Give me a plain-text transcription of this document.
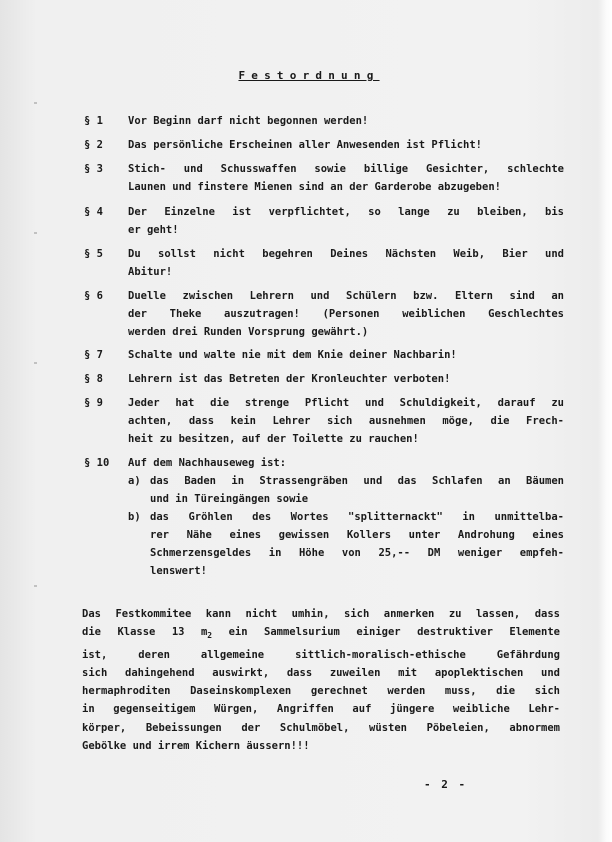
Festordnung
§ 1	Vor Beginn darf nicht begonnen werden!
§ 2	Das persönliche Erscheinen aller Anwesenden ist Pflicht!
§ 3	Stich- und Schusswaffen sowie billige Gesichter, schlechte
Launen und finstere Mienen sind an der Garderobe abzugeben!
§ 4	Der Einzelne ist verpflichtet, so lange zu bleiben, bis
er geht!
§ 5	Du sollst nicht begehren Deines Nächsten Weib, Bier und
Abitur!
§ 6	Duelle zwischen Lehrern und Schülern bzw. Eltern sind an
der Theke auszutragen! (Personen weiblichen Geschlechtes
werden drei Runden Vorsprung gewährt.)
§ 7	Schalte und walte nie mit dem Knie deiner Nachbarin!
§ 8	Lehrern ist das Betreten der Kronleuchter verboten!
§ 9	Jeder hat die strenge Pflicht und Schuldigkeit, darauf zu
achten, dass kein Lehrer sich ausnehmen möge, die Frech-
heit zu besitzen, auf der Toilette zu rauchen!
§ 10	Auf dem Nachhauseweg ist:
a) das Baden in Strassengräben und das Schlafen an Bäumen
und in Türeingängen sowie
b) das Gröhlen des Wortes "splitternackt" in unmittelba-
rer Nähe eines gewissen Kollers unter Androhung eines
Schmerzensgeldes in Höhe von 25,-- DM weniger empfeh-
lenswert!
Das Festkommitee kann nicht umhin, sich anmerken zu lassen, dass
die Klasse 13 $m_2$ ein Sammelsurium einiger destruktiver Elemente
ist, deren allgemeine sittlich-moralisch-ethische Gefährdung
sich dahingehend auswirkt, dass zuweilen mit apoplektischen und
hermaphroditen Daseinskomplexen gerechnet werden muss, die sich
in gegenseitigem Würgen, Angriffen auf jüngere weibliche Lehr-
körper, Bebeissungen der Schulmöbel, wüsten Pöbeleien, abnormem
Gebölke und irrem Kichern äussern!!!
- 2 -
